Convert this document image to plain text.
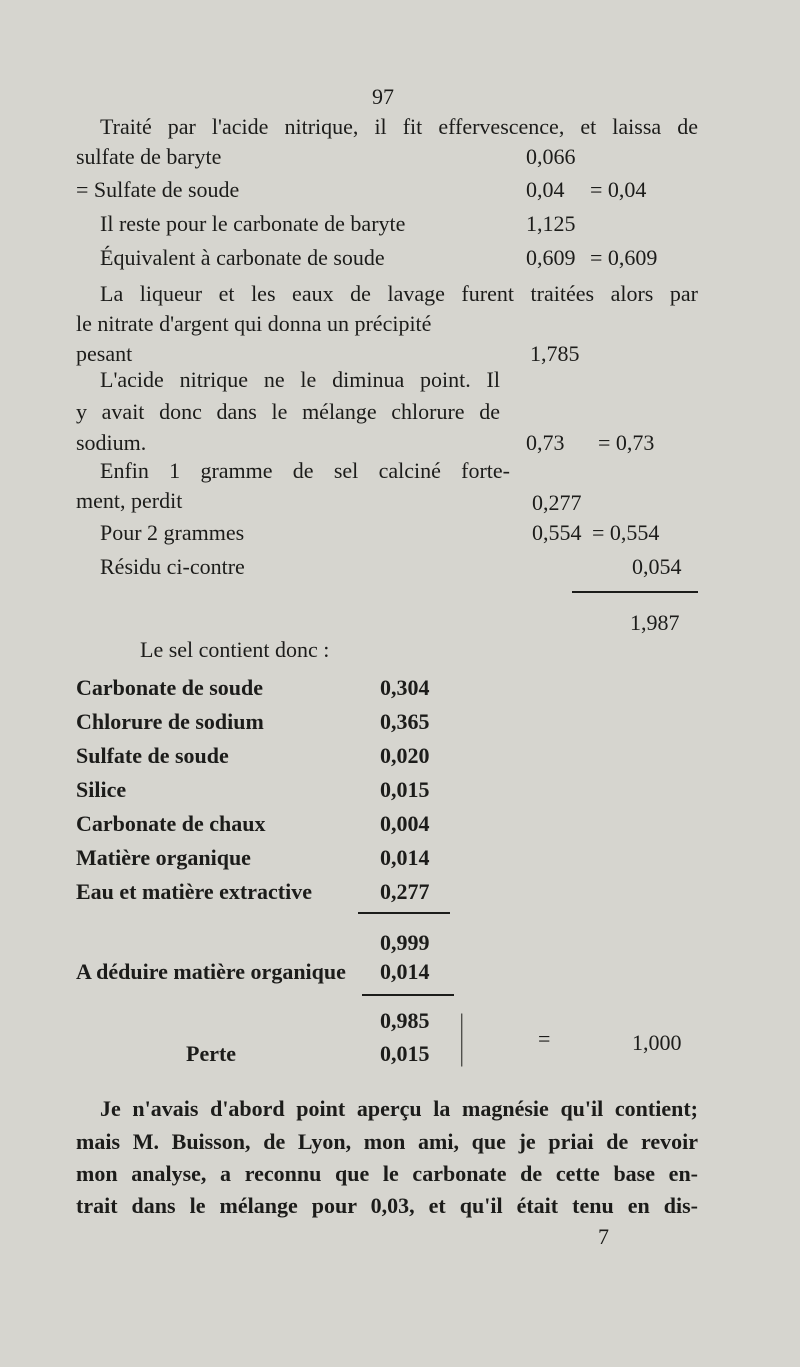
97
Traité par l'acide nitrique, il fit effervescence, et laissa de
sulfate de baryte	0,066
= Sulfate de soude	0,04 = 0,04
Il reste pour le carbonate de baryte	1,125
Équivalent à carbonate de soude	0,609 = 0,609
La liqueur et les eaux de lavage furent traitées alors par
le nitrate d'argent qui donna un précipité
pesant	1,785
L'acide nitrique ne le diminua point. Il
y avait donc dans le mélange chlorure de
sodium.	0,73 = 0,73
Enfin 1 gramme de sel calciné forte-
ment, perdit	0,277
Pour 2 grammes	0,554 = 0,554
Résidu ci-contre	0,054
1,987
Le sel contient donc :
Carbonate de soude	0,304
Chlorure de sodium	0,365
Sulfate de soude	0,020
Silice	0,015
Carbonate de chaux	0,004
Matière organique	0,014
Eau et matière extractive	0,277
0,999
A déduire matière organique 0,014
0,985
Perte	0,015 |	=	1,000
Je n'avais d'abord point aperçu la magnésie qu'il contient;
mais M. Buisson, de Lyon, mon ami, que je priai de revoir
mon analyse, a reconnu que le carbonate de cette base en-
trait dans le mélange pour 0,03, et qu'il était tenu en dis-
7
